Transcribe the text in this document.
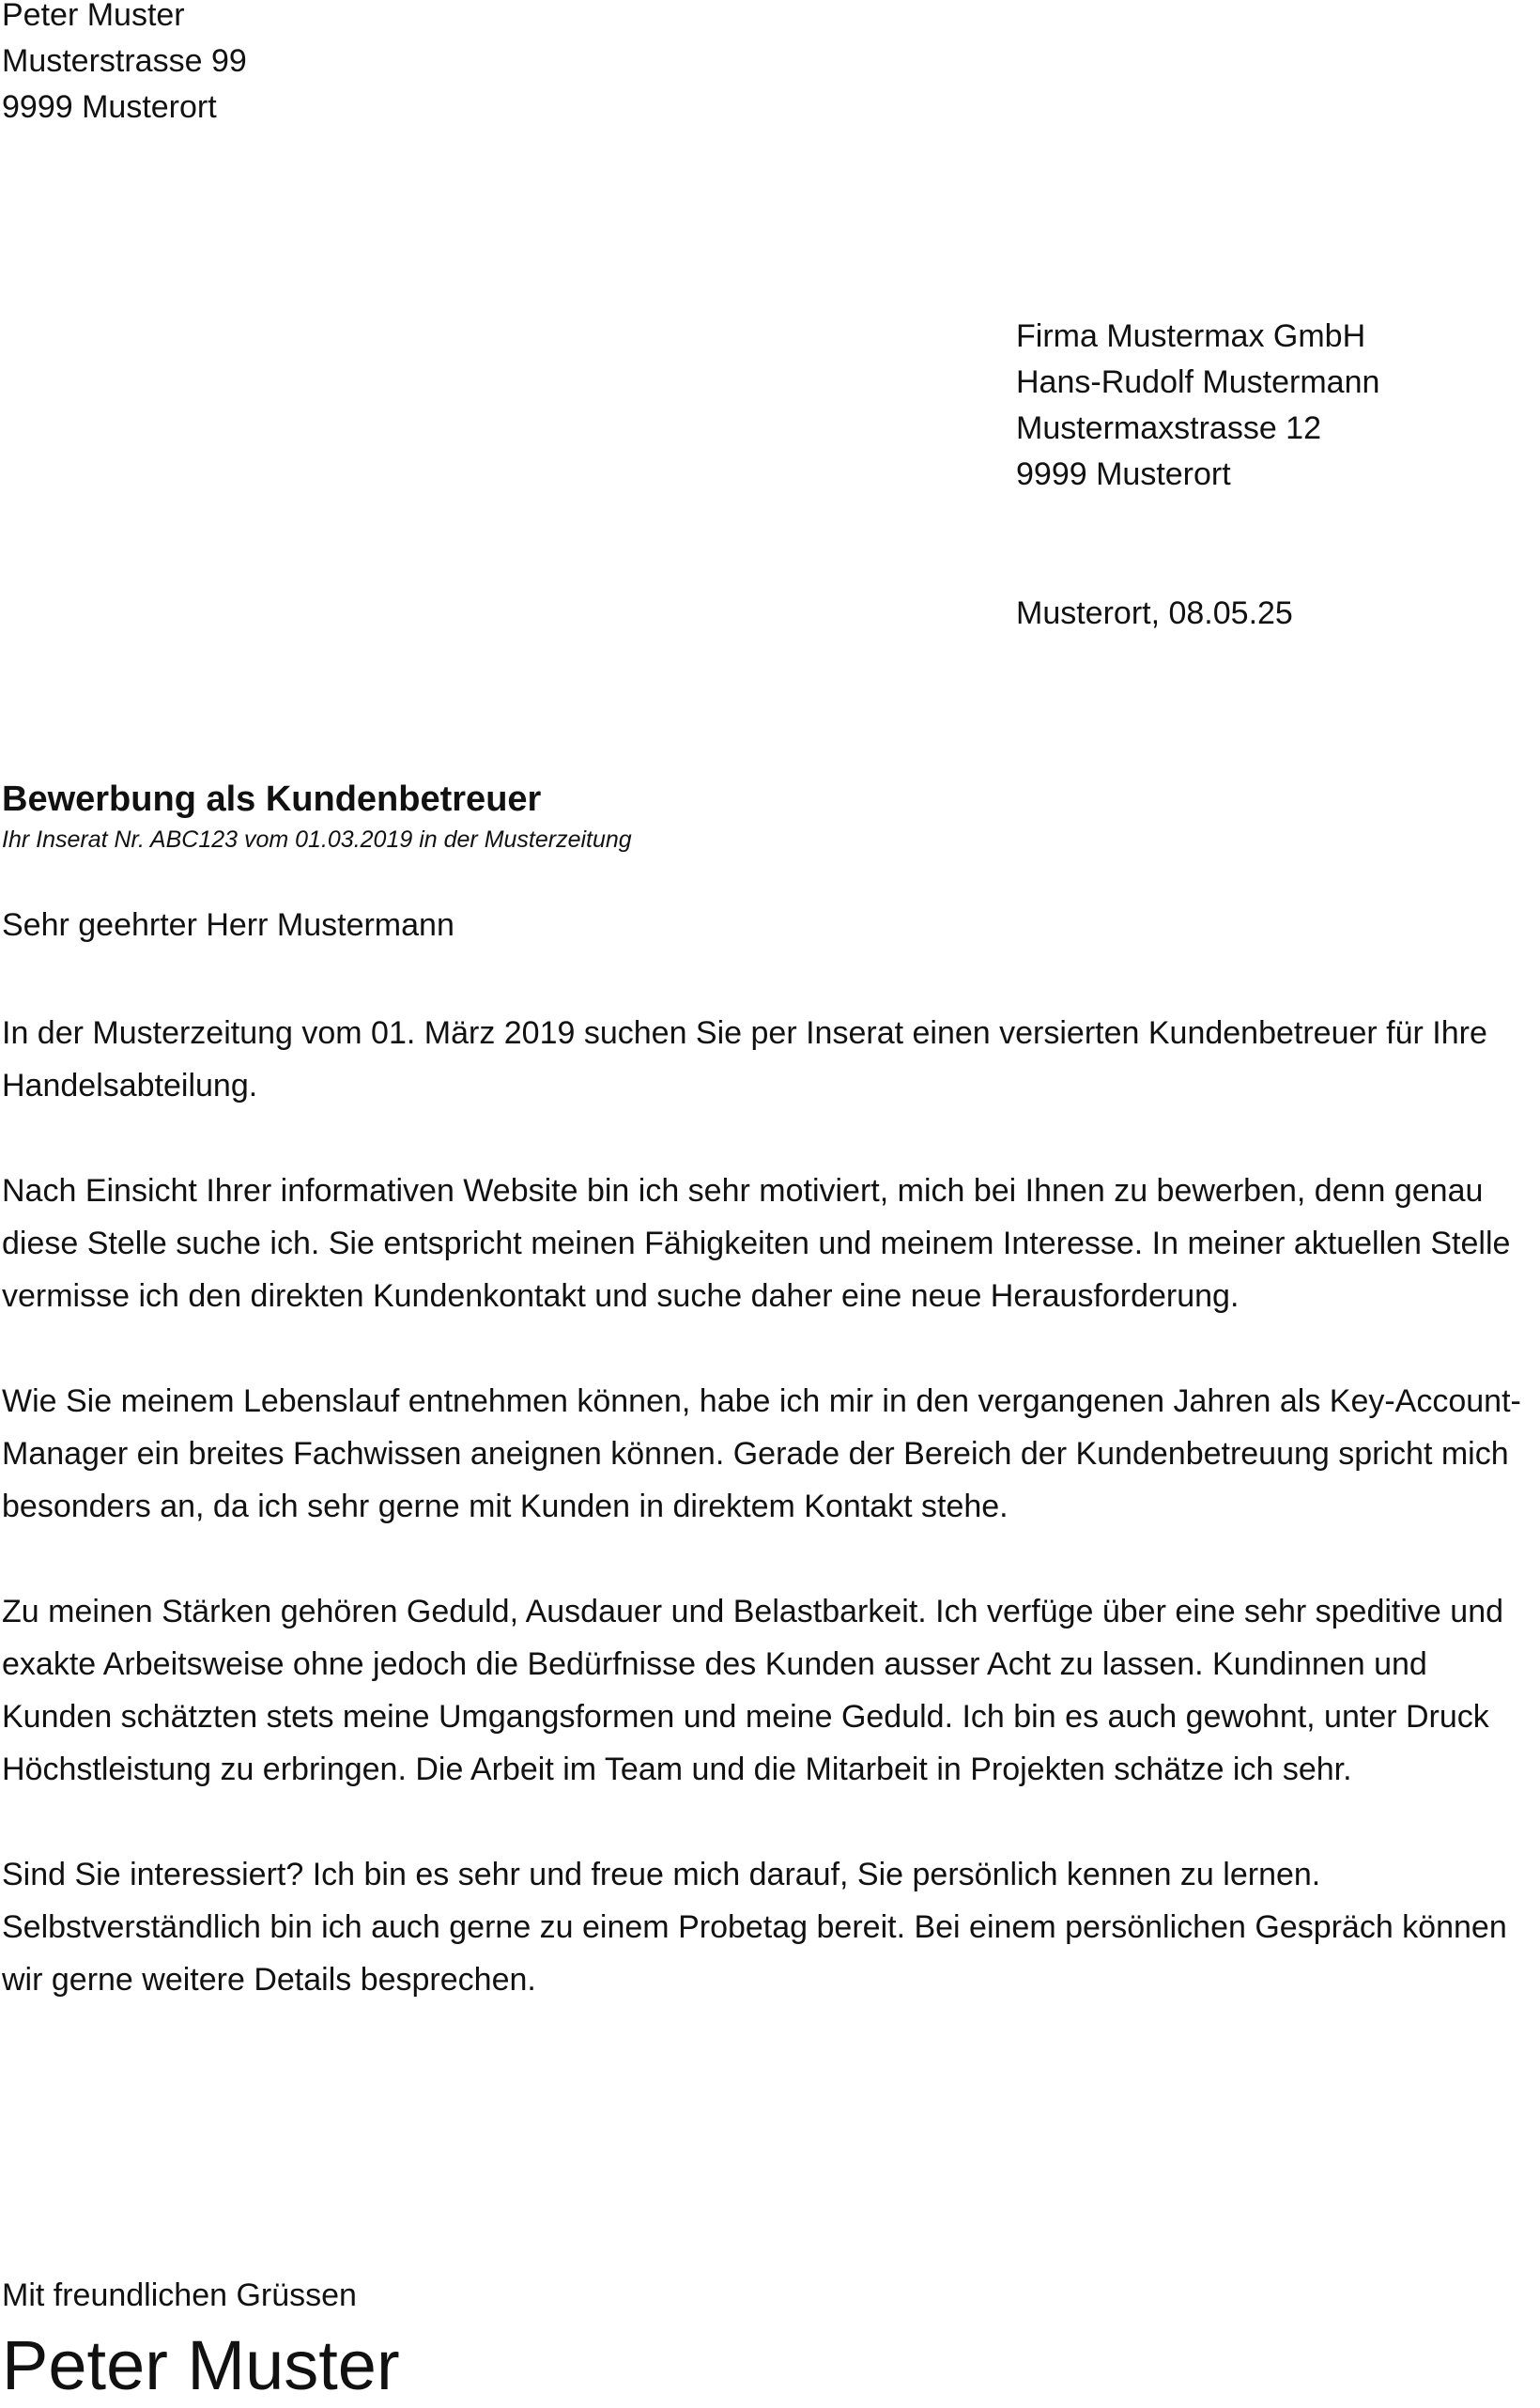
Peter Muster

Musterstrasse 99

9999 Musterort

Firma Mustermax GmbH

Hans-Rudolf Mustermann

Mustermaxstrasse 12

9999 Musterort

Musterort, 08.05.25

Bewerbung als Kundenbetreuer

Ihr Inserat Nr. ABC123 vom 01.03.2019 in der Musterzeitung

Sehr geehrter Herr Mustermann

In der Musterzeitung vom 01. März 2019 suchen Sie per Inserat einen versierten Kundenbetreuer für Ihre Handelsabteilung.

Nach Einsicht Ihrer informativen Website bin ich sehr motiviert, mich bei Ihnen zu bewerben, denn genau diese Stelle suche ich. Sie entspricht meinen Fähigkeiten und meinem Interesse. In meiner aktuellen Stelle vermisse ich den direkten Kundenkontakt und suche daher eine neue Herausforderung.

Wie Sie meinem Lebenslauf entnehmen können, habe ich mir in den vergangenen Jahren als Key-Account-Manager ein breites Fachwissen aneignen können. Gerade der Bereich der Kundenbetreuung spricht mich besonders an, da ich sehr gerne mit Kunden in direktem Kontakt stehe.

Zu meinen Stärken gehören Geduld, Ausdauer und Belastbarkeit. Ich verfüge über eine sehr speditive und exakte Arbeitsweise ohne jedoch die Bedürfnisse des Kunden ausser Acht zu lassen. Kundinnen und Kunden schätzten stets meine Umgangsformen und meine Geduld. Ich bin es auch gewohnt, unter Druck Höchstleistung zu erbringen. Die Arbeit im Team und die Mitarbeit in Projekten schätze ich sehr.

Sind Sie interessiert? Ich bin es sehr und freue mich darauf, Sie persönlich kennen zu lernen. Selbstverständlich bin ich auch gerne zu einem Probetag bereit. Bei einem persönlichen Gespräch können wir gerne weitere Details besprechen.

Mit freundlichen Grüssen

Peter Muster
